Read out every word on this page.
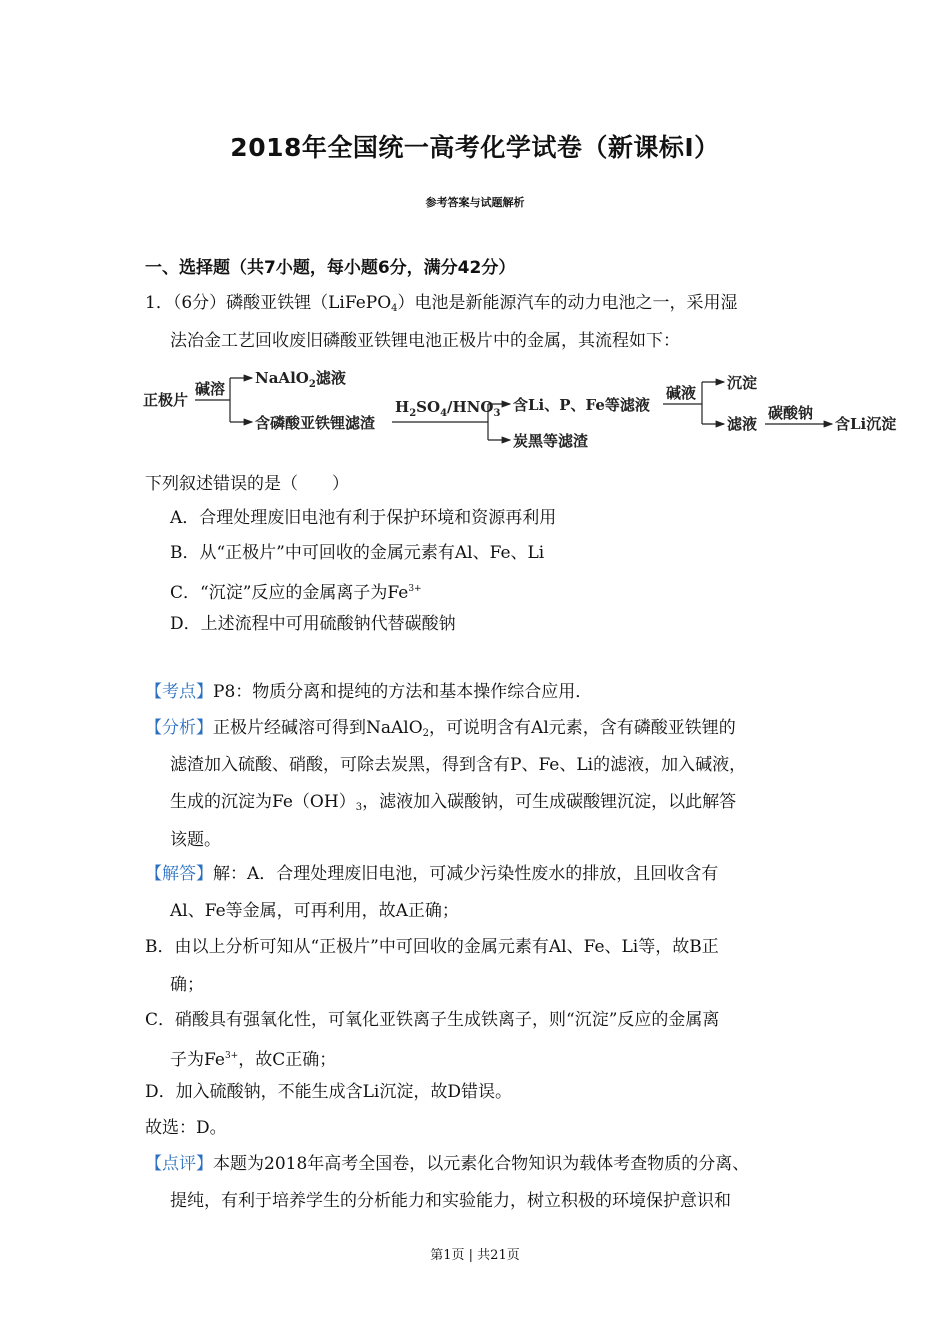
2018年全国统一高考化学试卷（新课标Ⅰ）
参考答案与试题解析
一、选择题（共7小题，每小题6分，满分42分）
1．（6分）磷酸亚铁锂（LiFePO$_4$）电池是新能源汽车的动力电池之一，采用湿
法冶金工艺回收废旧磷酸亚铁锂电池正极片中的金属，其流程如下：
正极片
碱溶
NaAlO$_2$滤液
含磷酸亚铁锂滤渣
$H_2SO_4/HNO_3$ 含Li、P、Fe等滤液
炭黑等滤渣
碱液
沉淀
滤液
碳酸钠
含Li沉淀
下列叙述错误的是（　　）
A．合理处理废旧电池有利于保护环境和资源再利用
B．从“正极片”中可回收的金属元素有Al、Fe、Li
C．“沉淀”反应的金属离子为$Fe^{3+}$
D．上述流程中可用硫酸钠代替碳酸钠
【考点】P8：物质分离和提纯的方法和基本操作综合应用．
【分析】正极片经碱溶可得到NaAlO$_2$，可说明含有Al元素，含有磷酸亚铁锂的
滤渣加入硫酸、硝酸，可除去炭黑，得到含有P、Fe、Li的滤液，加入碱液，
生成的沉淀为$Fe(OH)_3$，滤液加入碳酸钠，可生成碳酸锂沉淀，以此解答
该题。
【解答】解：A．合理处理废旧电池，可减少污染性废水的排放，且回收含有
Al、Fe等金属，可再利用，故A正确；
B．由以上分析可知从“正极片”中可回收的金属元素有Al、Fe、Li等，故B正
确；
C．硝酸具有强氧化性，可氧化亚铁离子生成铁离子，则“沉淀”反应的金属离
子为$Fe^{3+}$，故C正确；
D．加入硫酸钠，不能生成含Li沉淀，故D错误。
故选：D。
【点评】本题为2018年高考全国卷，以元素化合物知识为载体考查物质的分离、
提纯，有利于培养学生的分析能力和实验能力，树立积极的环境保护意识和
第1页 | 共21页
